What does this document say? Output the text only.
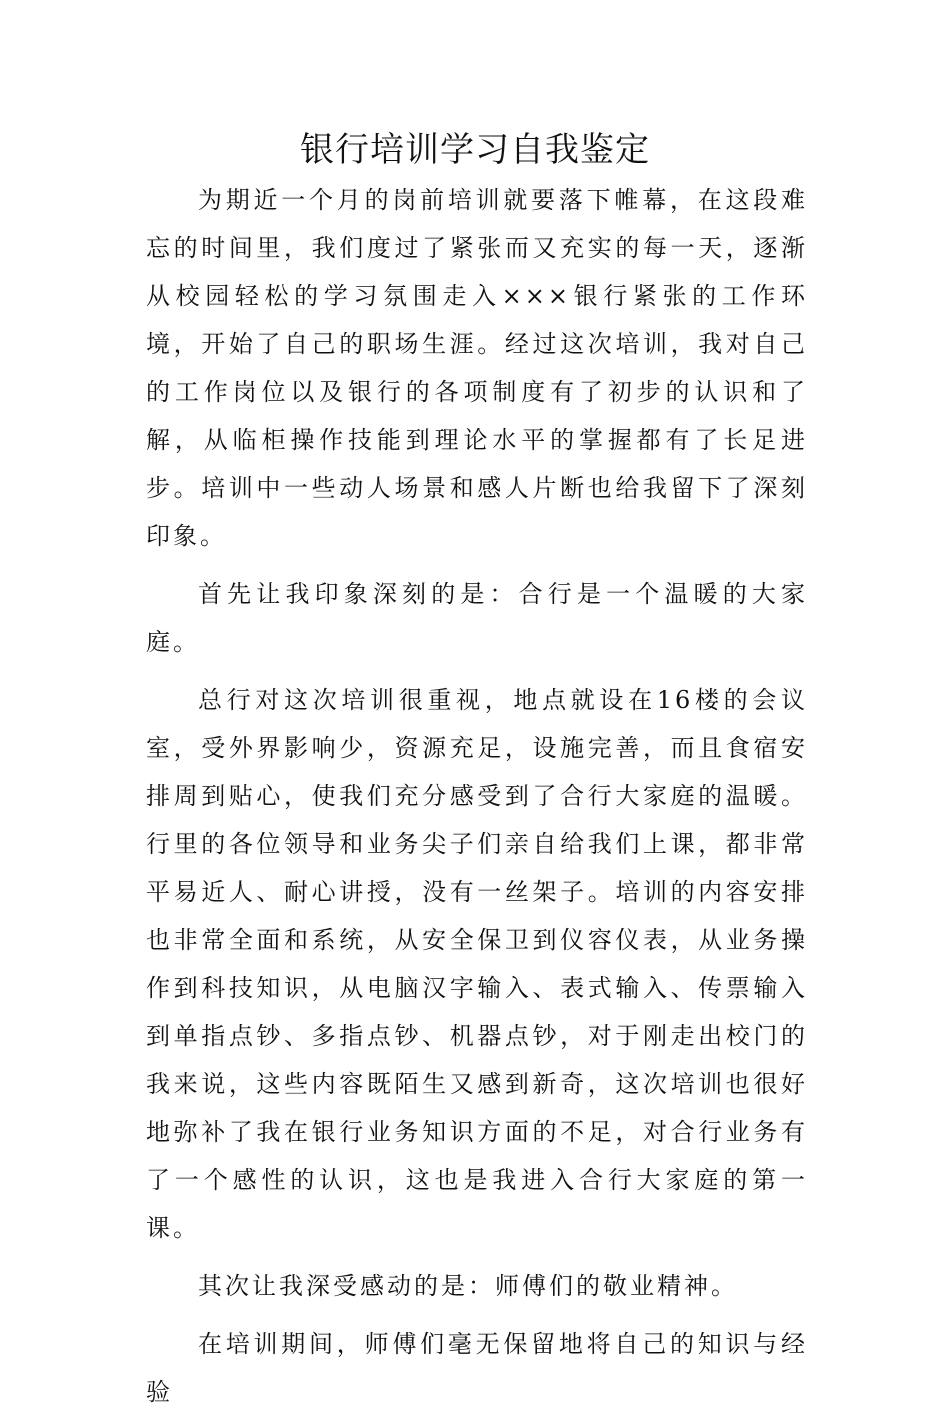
银行培训学习自我鉴定

为期近一个月的岗前培训就要落下帷幕，在这段难忘的时间里，我们度过了紧张而又充实的每一天，逐渐从校园轻松的学习氛围走入×××银行紧张的工作环境，开始了自己的职场生涯。经过这次培训，我对自己的工作岗位以及银行的各项制度有了初步的认识和了解，从临柜操作技能到理论水平的掌握都有了长足进步。培训中一些动人场景和感人片断也给我留下了深刻印象。

首先让我印象深刻的是：合行是一个温暖的大家庭。

总行对这次培训很重视，地点就设在16楼的会议室，受外界影响少，资源充足，设施完善，而且食宿安排周到贴心，使我们充分感受到了合行大家庭的温暖。行里的各位领导和业务尖子们亲自给我们上课，都非常平易近人、耐心讲授，没有一丝架子。培训的内容安排也非常全面和系统，从安全保卫到仪容仪表，从业务操作到科技知识，从电脑汉字输入、表式输入、传票输入到单指点钞、多指点钞、机器点钞，对于刚走出校门的我来说，这些内容既陌生又感到新奇，这次培训也很好地弥补了我在银行业务知识方面的不足，对合行业务有了一个感性的认识，这也是我进入合行大家庭的第一课。

其次让我深受感动的是：师傅们的敬业精神。

在培训期间，师傅们毫无保留地将自己的知识与经验
